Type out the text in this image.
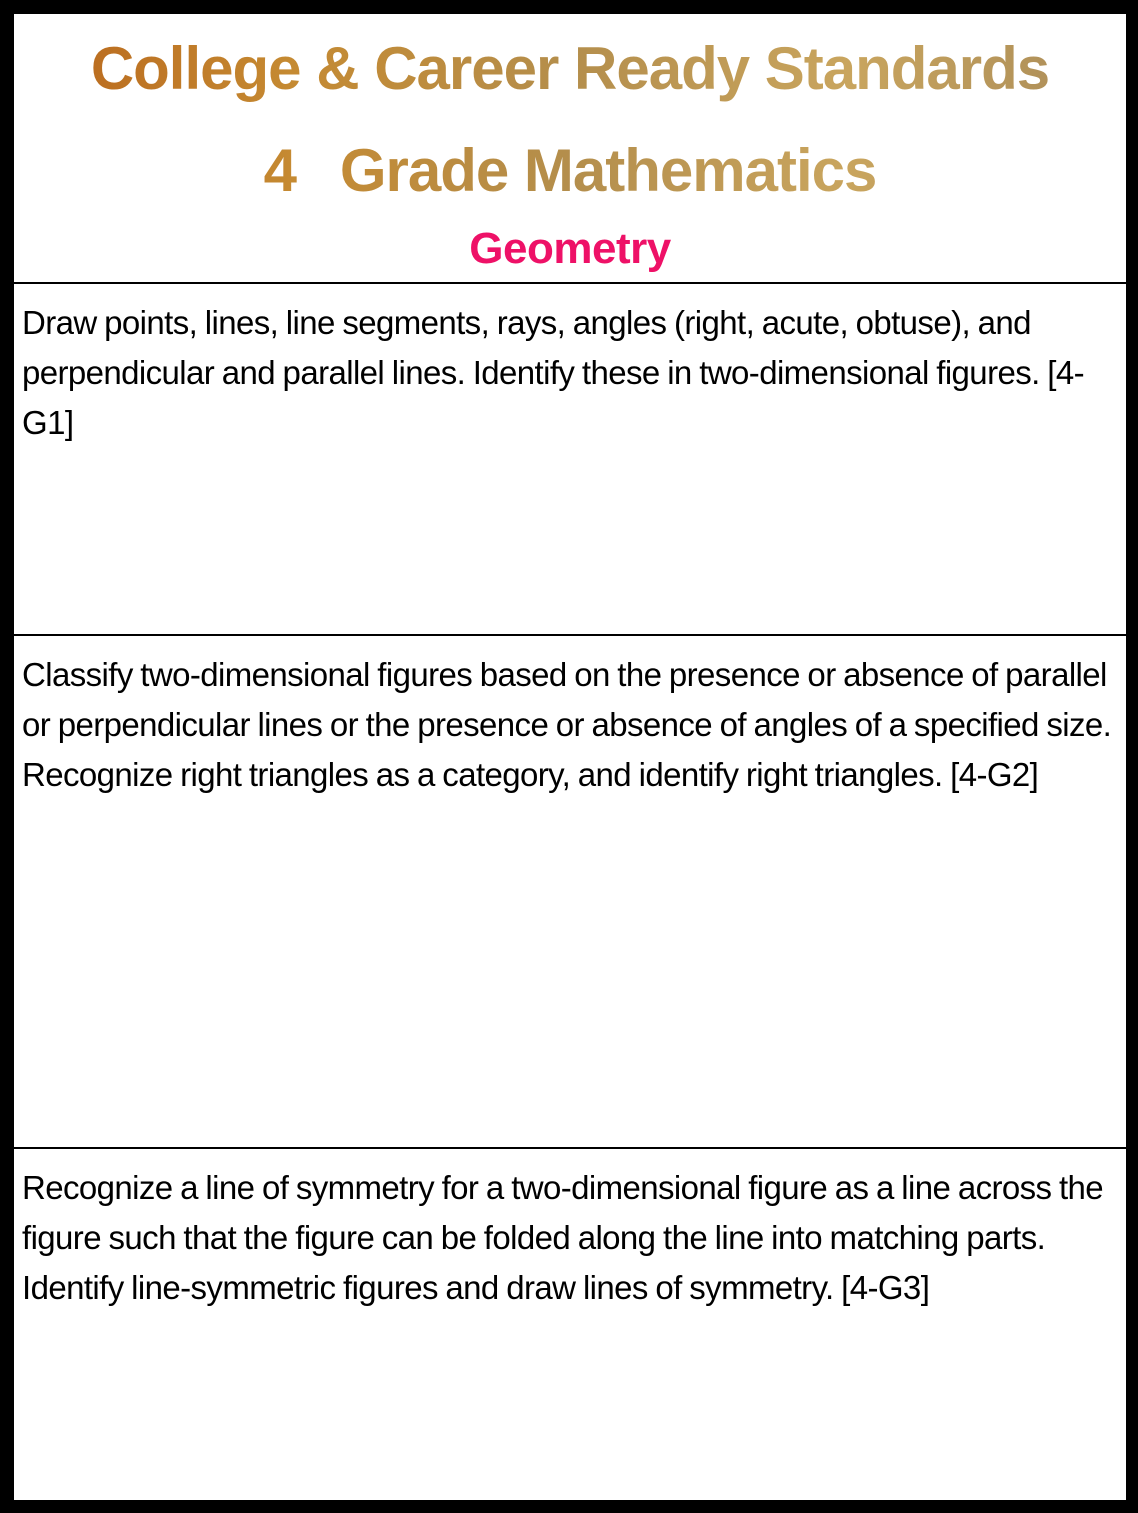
College & Career Ready Standards
4th Grade Mathematics
Geometry

Draw points, lines, line segments, rays, angles (right, acute, obtuse), and perpendicular and parallel lines. Identify these in two-dimensional figures. [4-G1]

Classify two-dimensional figures based on the presence or absence of parallel or perpendicular lines or the presence or absence of angles of a specified size. Recognize right triangles as a category, and identify right triangles. [4-G2]

Recognize a line of symmetry for a two-dimensional figure as a line across the figure such that the figure can be folded along the line into matching parts. Identify line-symmetric figures and draw lines of symmetry. [4-G3]
